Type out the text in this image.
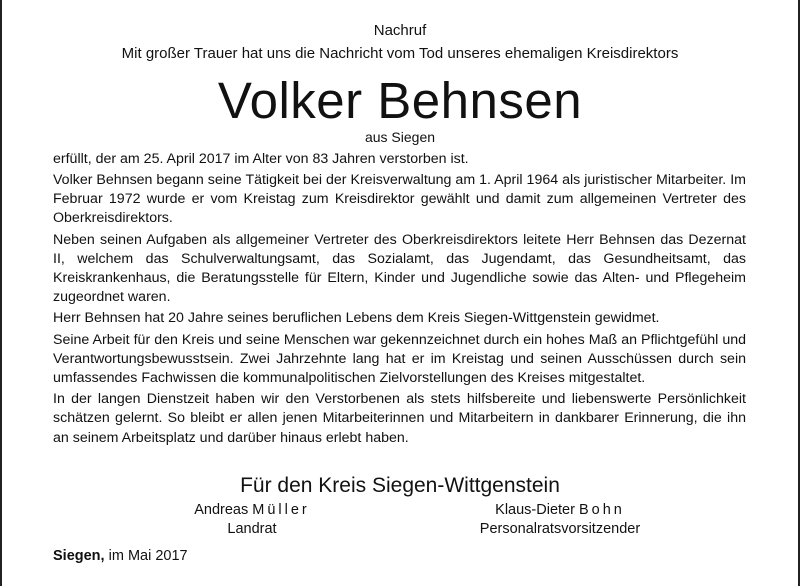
Nachruf
Mit großer Trauer hat uns die Nachricht vom Tod unseres ehemaligen Kreisdirektors
Volker Behnsen
aus Siegen
erfüllt, der am 25. April 2017 im Alter von 83 Jahren verstorben ist.

Volker Behnsen begann seine Tätigkeit bei der Kreisverwaltung am 1. April 1964 als juristischer Mitarbeiter. Im Februar 1972 wurde er vom Kreistag zum Kreisdirektor gewählt und damit zum allgemeinen Vertreter des Oberkreisdirektors.

Neben seinen Aufgaben als allgemeiner Vertreter des Oberkreisdirektors leitete Herr Behnsen das Dezernat II, welchem das Schulverwaltungsamt, das Sozialamt, das Jugendamt, das Gesundheitsamt, das Kreiskrankenhaus, die Beratungsstelle für Eltern, Kinder und Jugendliche sowie das Alten- und Pflegeheim zugeordnet waren.

Herr Behnsen hat 20 Jahre seines beruflichen Lebens dem Kreis Siegen-Wittgenstein gewidmet.

Seine Arbeit für den Kreis und seine Menschen war gekennzeichnet durch ein hohes Maß an Pflichtgefühl und Verantwortungsbewusstsein. Zwei Jahrzehnte lang hat er im Kreistag und seinen Ausschüssen durch sein umfassendes Fachwissen die kommunalpolitischen Zielvorstellungen des Kreises mitgestaltet.

In der langen Dienstzeit haben wir den Verstorbenen als stets hilfsbereite und liebenswerte Persönlichkeit schätzen gelernt. So bleibt er allen jenen Mitarbeiterinnen und Mitarbeitern in dankbarer Erinnerung, die ihn an seinem Arbeitsplatz und darüber hinaus erlebt haben.

Für den Kreis Siegen-Wittgenstein
Andreas Müller
Landrat
Klaus-Dieter Bohn
Personalratsvorsitzender
Siegen, im Mai 2017
